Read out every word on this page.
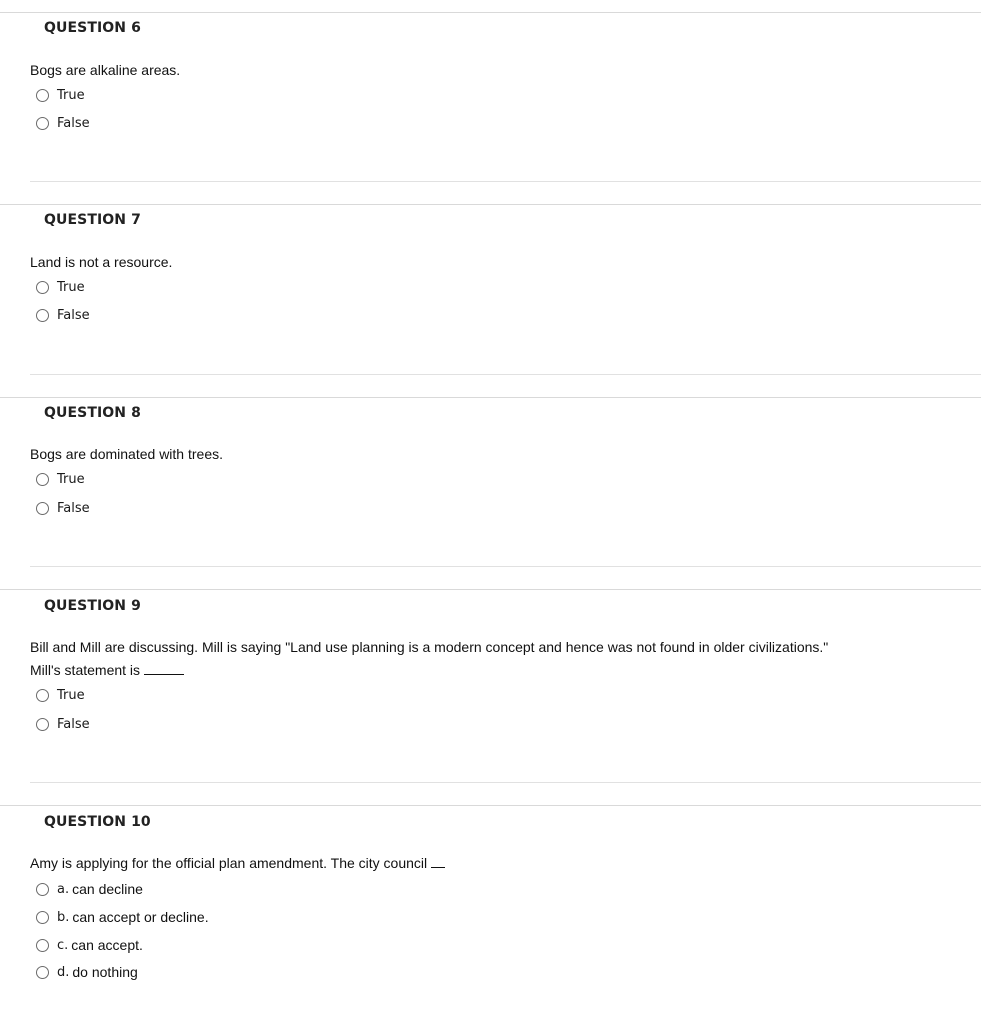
QUESTION 6
Bogs are alkaline areas.
True
False
QUESTION 7
Land is not a resource.
True
False
QUESTION 8
Bogs are dominated with trees.
True
False
QUESTION 9
Bill and Mill are discussing. Mill is saying "Land use planning is a modern concept and hence was not found in older civilizations."
Mill's statement is
True
False
QUESTION 10
Amy is applying for the official plan amendment. The city council
a. can decline
b. can accept or decline.
c. can accept.
d. do nothing
